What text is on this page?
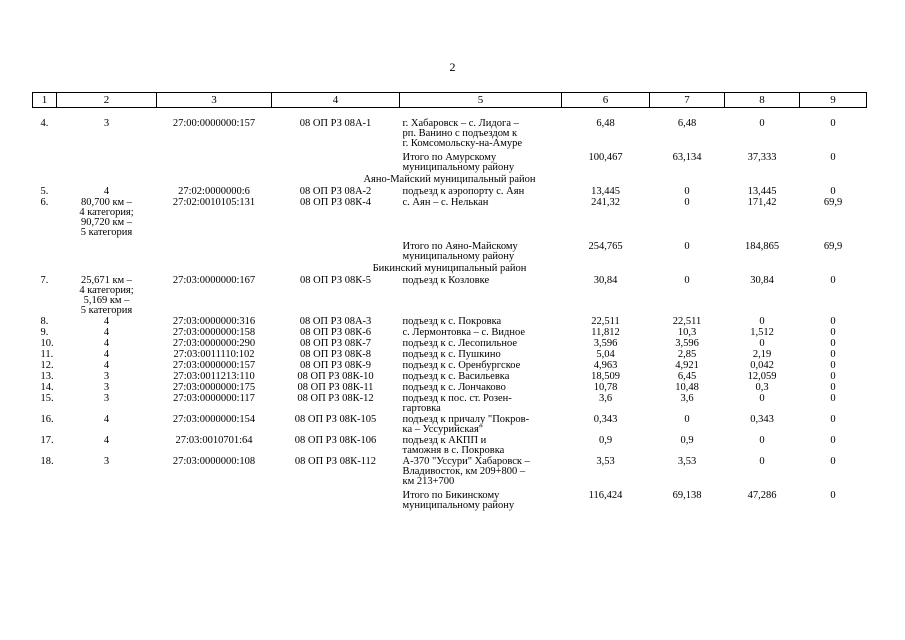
2
1	2	3	4	5	6	7	8	9

4.	3	27:00:0000000:157	08 ОП РЗ 08А-1	г. Хабаровск – с. Лидога –
рп. Ванино с подъездом к
г. Комсомольску-на-Амуре	6,48	6,48	0	0
				Итого по Амурскому
муниципальному району	100,467	63,134	37,333	0
Аяно-Майский муниципальный район								
5.	4	27:02:0000000:6	08 ОП РЗ 08А-2	подъезд к аэропорту с. Аян	13,445	0	13,445	0
6.	80,700 км –
4 категория;
90,720 км –
5 категория	27:02:0010105:131	08 ОП РЗ 08К-4	с. Аян – с. Нелькан	241,32	0	171,42	69,9
				Итого по Аяно-Майскому
муниципальному району	254,765	0	184,865	69,9
Бикинский муниципальный район								
7.	25,671 км –
4 категория;
5,169 км –
5 категория	27:03:0000000:167	08 ОП РЗ 08К-5	подъезд к Козловке	30,84	0	30,84	0
8.	4	27:03:0000000:316	08 ОП РЗ 08А-3	подъезд к с. Покровка	22,511	22,511	0	0
9.	4	27:03:0000000:158	08 ОП РЗ 08К-6	с. Лермонтовка – с. Видное	11,812	10,3	1,512	0
10.	4	27:03:0000000:290	08 ОП РЗ 08К-7	подъезд к с. Лесопильное	3,596	3,596	0	0
11.	4	27:03:0011110:102	08 ОП РЗ 08К-8	подъезд к с. Пушкино	5,04	2,85	2,19	0
12.	4	27:03:0000000:157	08 ОП РЗ 08К-9	подъезд к с. Оренбургское	4,963	4,921	0,042	0
13.	3	27:03:0011213:110	08 ОП РЗ 08К-10	подъезд к с. Васильевка	18,509	6,45	12,059	0
14.	3	27:03:0000000:175	08 ОП РЗ 08К-11	подъезд к с. Лончаково	10,78	10,48	0,3	0
15.	3	27:03:0000000:117	08 ОП РЗ 08К-12	подъезд к пос. ст. Розен-
гартовка	3,6	3,6	0	0
16.	4	27:03:0000000:154	08 ОП РЗ 08К-105	подъезд к причалу "Покров-
ка – Уссурийская"	0,343	0	0,343	0
17.	4	27:03:0010701:64	08 ОП РЗ 08К-106	подъезд к АКПП и
таможня в с. Покровка	0,9	0,9	0	0
18.	3	27:03:0000000:108	08 ОП РЗ 08К-112	А-370 "Уссури" Хабаровск –
Владивосток, км 209+800 –
км 213+700	3,53	3,53	0	0
				Итого по Бикинскому
муниципальному району	116,424	69,138	47,286	0
